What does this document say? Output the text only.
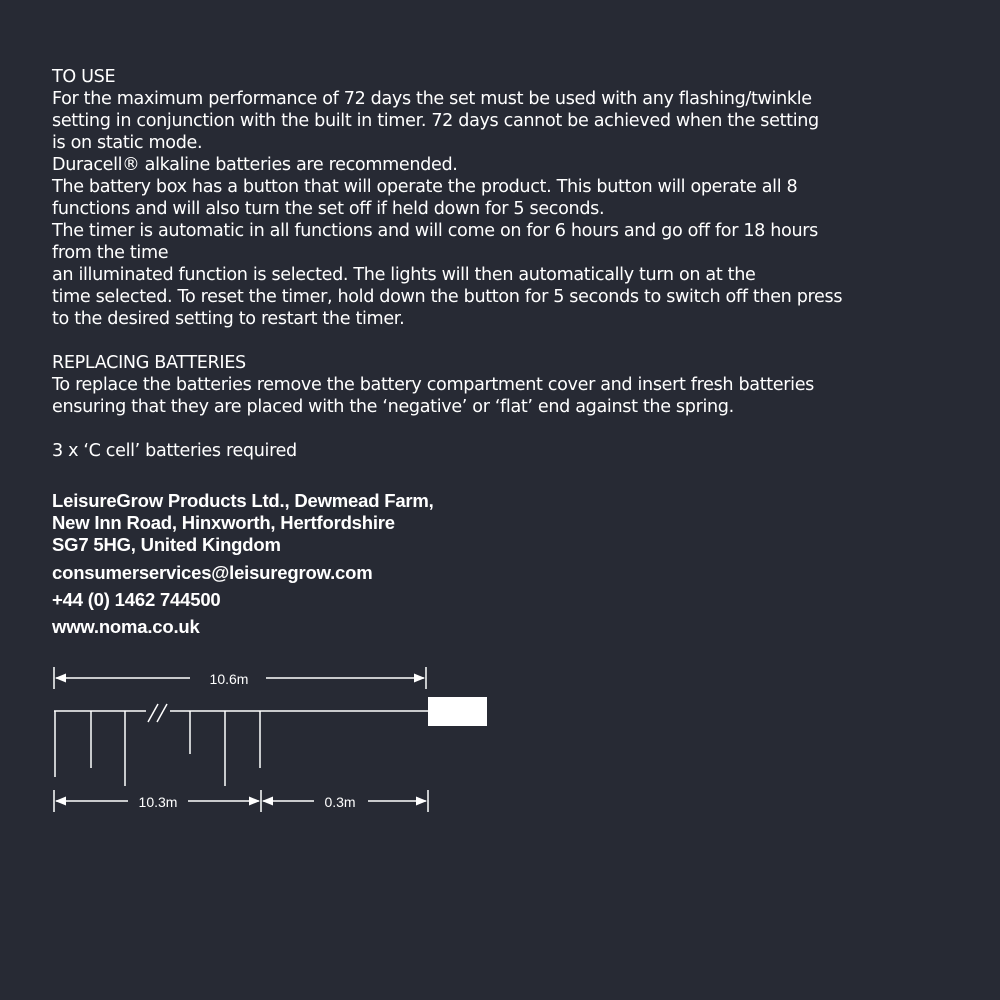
TO USE

For the maximum performance of 72 days the set must be used with any flashing/twinkle

setting in conjunction with the built in timer. 72 days cannot be achieved when the setting

is on static mode.

Duracell® alkaline batteries are recommended.

The battery box has a button that will operate the product. This button will operate all 8

functions and will also turn the set off if held down for 5 seconds.

The timer is automatic in all functions and will come on for 6 hours and go off for 18 hours

from the time

an illuminated function is selected. The lights will then automatically turn on at the

time selected. To reset the timer, hold down the button for 5 seconds to switch off then press

to the desired setting to restart the timer.

REPLACING BATTERIES

To replace the batteries remove the battery compartment cover and insert fresh batteries

ensuring that they are placed with the ‘negative’ or ‘flat’ end against the spring.

3 x ‘C cell’ batteries required

LeisureGrow Products Ltd., Dewmead Farm,

New Inn Road, Hinxworth, Hertfordshire

SG7 5HG, United Kingdom

consumerservices@leisuregrow.com

+44 (0) 1462 744500

www.noma.co.uk

10.6m
10.3m	0.3m
